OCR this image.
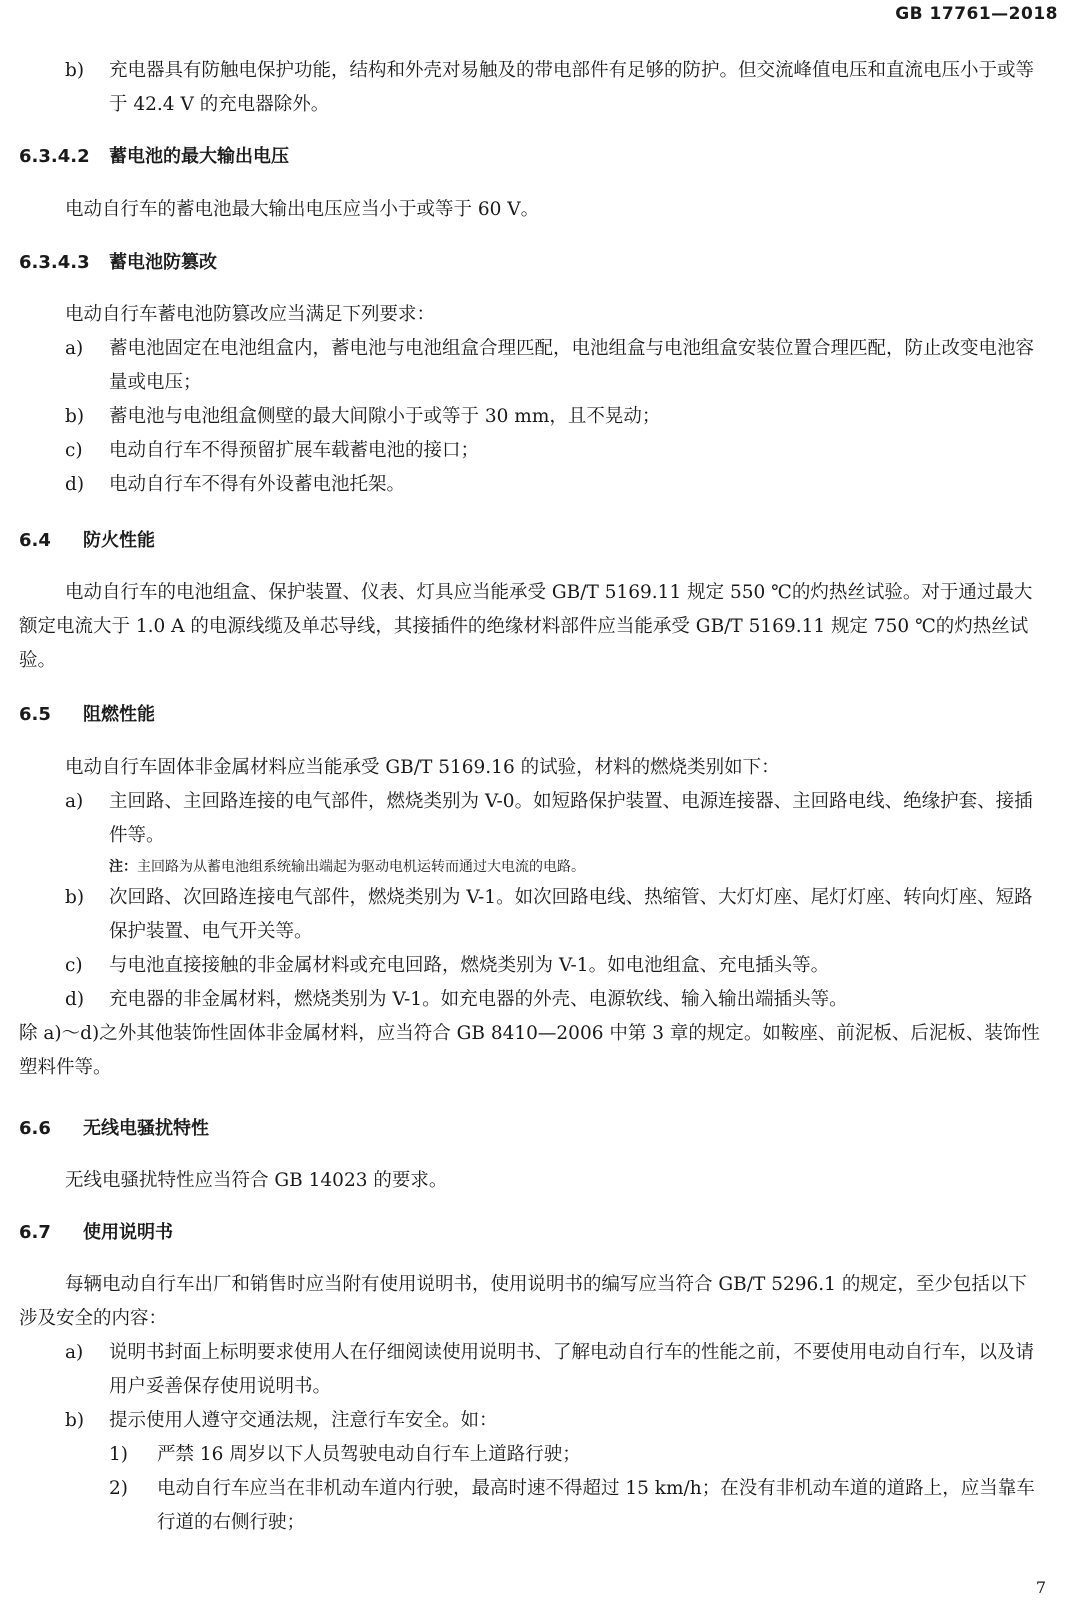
GB 17761—2018
b) 充电器具有防触电保护功能，结构和外壳对易触及的带电部件有足够的防护。但交流峰值电压和直流电压小于或等于 42.4 V 的充电器除外。
6.3.4.2 蓄电池的最大输出电压

电动自行车的蓄电池最大输出电压应当小于或等于 60 V。

6.3.4.3 蓄电池防篡改

电动自行车蓄电池防篡改应当满足下列要求：

a) 蓄电池固定在电池组盒内，蓄电池与电池组盒合理匹配，电池组盒与电池组盒安装位置合理匹配，防止改变电池容量或电压；
b) 蓄电池与电池组盒侧壁的最大间隙小于或等于 30 mm，且不晃动；
c) 电动自行车不得预留扩展车载蓄电池的接口；
d) 电动自行车不得有外设蓄电池托架。
6.4 防火性能

电动自行车的电池组盒、保护装置、仪表、灯具应当能承受 GB/T 5169.11 规定 550 ℃的灼热丝试验。对于通过最大额定电流大于 1.0 A 的电源线缆及单芯导线，其接插件的绝缘材料部件应当能承受 GB/T 5169.11 规定 750 ℃的灼热丝试验。

6.5 阻燃性能

电动自行车固体非金属材料应当能承受 GB/T 5169.16 的试验，材料的燃烧类别如下：

a) 主回路、主回路连接的电气部件，燃烧类别为 V-0。如短路保护装置、电源连接器、主回路电线、绝缘护套、接插件等。
注：主回路为从蓄电池组系统输出端起为驱动电机运转而通过大电流的电路。
b) 次回路、次回路连接电气部件，燃烧类别为 V-1。如次回路电线、热缩管、大灯灯座、尾灯灯座、转向灯座、短路保护装置、电气开关等。
c) 与电池直接接触的非金属材料或充电回路，燃烧类别为 V-1。如电池组盒、充电插头等。
d) 充电器的非金属材料，燃烧类别为 V-1。如充电器的外壳、电源软线、输入输出端插头等。

除 a)～d)之外其他装饰性固体非金属材料，应当符合 GB 8410—2006 中第 3 章的规定。如鞍座、前泥板、后泥板、装饰性塑料件等。

6.6 无线电骚扰特性

无线电骚扰特性应当符合 GB 14023 的要求。

6.7 使用说明书

每辆电动自行车出厂和销售时应当附有使用说明书，使用说明书的编写应当符合 GB/T 5296.1 的规定，至少包括以下涉及安全的内容：

a) 说明书封面上标明要求使用人在仔细阅读使用说明书、了解电动自行车的性能之前，不要使用电动自行车，以及请用户妥善保存使用说明书。
b) 提示使用人遵守交通法规，注意行车安全。如：
1) 严禁 16 周岁以下人员驾驶电动自行车上道路行驶；
2) 电动自行车应当在非机动车道内行驶，最高时速不得超过 15 km/h；在没有非机动车道的道路上，应当靠车行道的右侧行驶；
7
